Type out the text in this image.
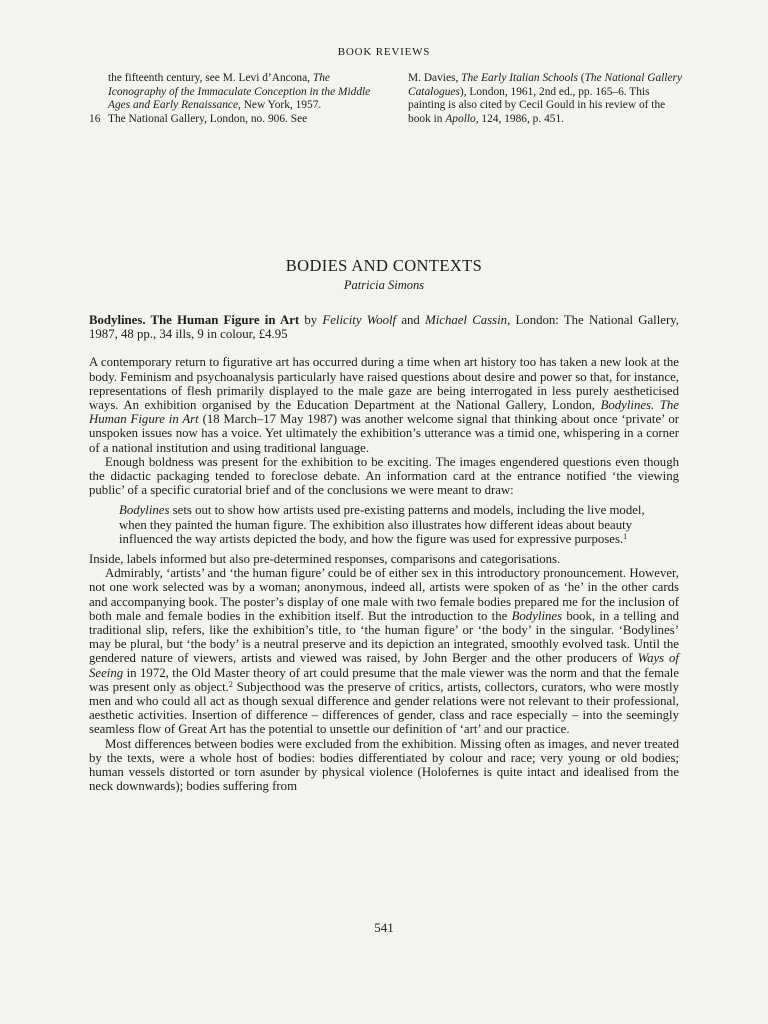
BOOK REVIEWS
the fifteenth century, see M. Levi d’Ancona, The Iconography of the Immaculate Conception in the Middle Ages and Early Renaissance, New York, 1957.
16 The National Gallery, London, no. 906. See
M. Davies, The Early Italian Schools (The National Gallery Catalogues), London, 1961, 2nd ed., pp. 165–6. This painting is also cited by Cecil Gould in his review of the book in Apollo, 124, 1986, p. 451.
BODIES AND CONTEXTS
Patricia Simons

Bodylines. The Human Figure in Art by Felicity Woolf and Michael Cassin, London: The National Gallery, 1987, 48 pp., 34 ills, 9 in colour, £4.95

A contemporary return to figurative art has occurred during a time when art history too has taken a new look at the body. Feminism and psychoanalysis particularly have raised questions about desire and power so that, for instance, representations of flesh primarily displayed to the male gaze are being interrogated in less purely aestheticised ways. An exhibition organised by the Education Department at the National Gallery, London, Bodylines. The Human Figure in Art (18 March–17 May 1987) was another welcome signal that thinking about once ‘private’ or unspoken issues now has a voice. Yet ultimately the exhibition’s utterance was a timid one, whispering in a corner of a national institution and using traditional language.

Enough boldness was present for the exhibition to be exciting. The images engendered questions even though the didactic packaging tended to foreclose debate. An information card at the entrance notified ‘the viewing public’ of a specific curatorial brief and of the conclusions we were meant to draw:

Bodylines sets out to show how artists used pre-existing patterns and models, including the live model, when they painted the human figure. The exhibition also illustrates how different ideas about beauty influenced the way artists depicted the body, and how the figure was used for expressive purposes.$^1$

Inside, labels informed but also pre-determined responses, comparisons and categorisations.

Admirably, ‘artists’ and ‘the human figure’ could be of either sex in this introductory pronouncement. However, not one work selected was by a woman; anonymous, indeed all, artists were spoken of as ‘he’ in the other cards and accompanying book. The poster’s display of one male with two female bodies prepared me for the inclusion of both male and female bodies in the exhibition itself. But the introduction to the Bodylines book, in a telling and traditional slip, refers, like the exhibition’s title, to ‘the human figure’ or ‘the body’ in the singular. ‘Bodylines’ may be plural, but ‘the body’ is a neutral preserve and its depiction an integrated, smoothly evolved task. Until the gendered nature of viewers, artists and viewed was raised, by John Berger and the other producers of Ways of Seeing in 1972, the Old Master theory of art could presume that the male viewer was the norm and that the female was present only as object.$^2$ Subjecthood was the preserve of critics, artists, collectors, curators, who were mostly men and who could all act as though sexual difference and gender relations were not relevant to their professional, aesthetic activities. Insertion of difference – differences of gender, class and race especially – into the seemingly seamless flow of Great Art has the potential to unsettle our definition of ‘art’ and our practice.

Most differences between bodies were excluded from the exhibition. Missing often as images, and never treated by the texts, were a whole host of bodies: bodies differentiated by colour and race; very young or old bodies; human vessels distorted or torn asunder by physical violence (Holofernes is quite intact and idealised from the neck downwards); bodies suffering from

541
